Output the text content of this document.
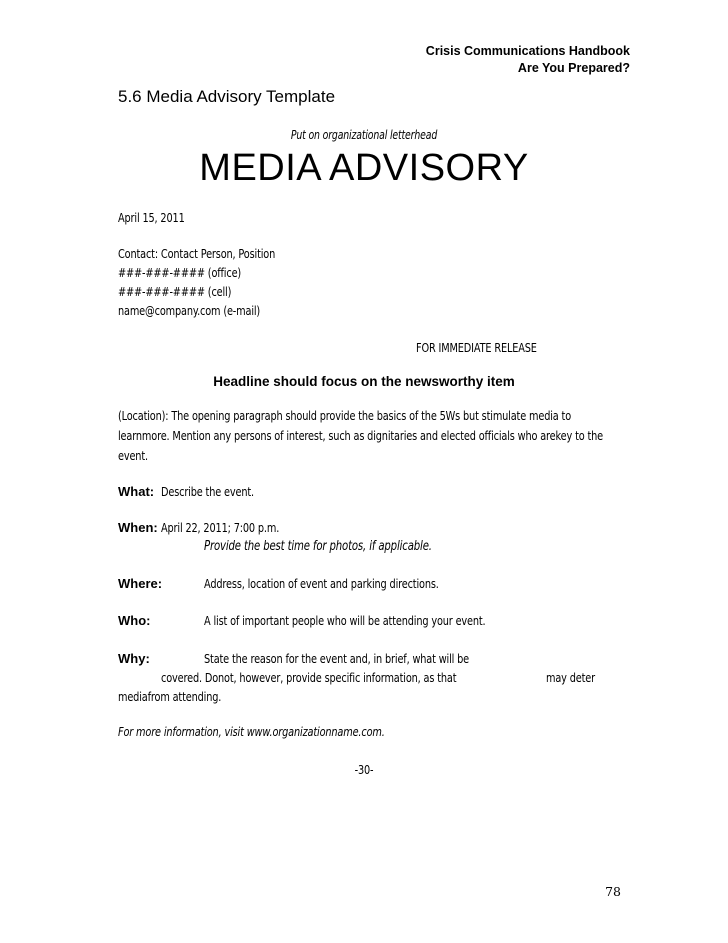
Crisis Communications Handbook
Are You Prepared?
5.6 Media Advisory Template
Put on organizational letterhead
MEDIA ADVISORY
April 15, 2011
Contact: Contact Person, Position
###-###-#### (office)
###-###-#### (cell)
name@company.com (e-mail)
FOR IMMEDIATE RELEASE
Headline should focus on the newsworthy item
(Location): The opening paragraph should provide the basics of the 5Ws but stimulate media to
learnmore. Mention any persons of interest, such as dignitaries and elected officials who arekey to the
event.
What: Describe the event.
When: April 22, 2011; 7:00 p.m.
Provide the best time for photos, if applicable.
Where:	Address, location of event and parking directions.
Who:	A list of important people who will be attending your event.
Why:	State the reason for the event and, in brief, what will be
covered. Donot, however, provide specific information, as that	may deter
mediafrom attending.
For more information, visit www.organizationname.com.
-30-
78
